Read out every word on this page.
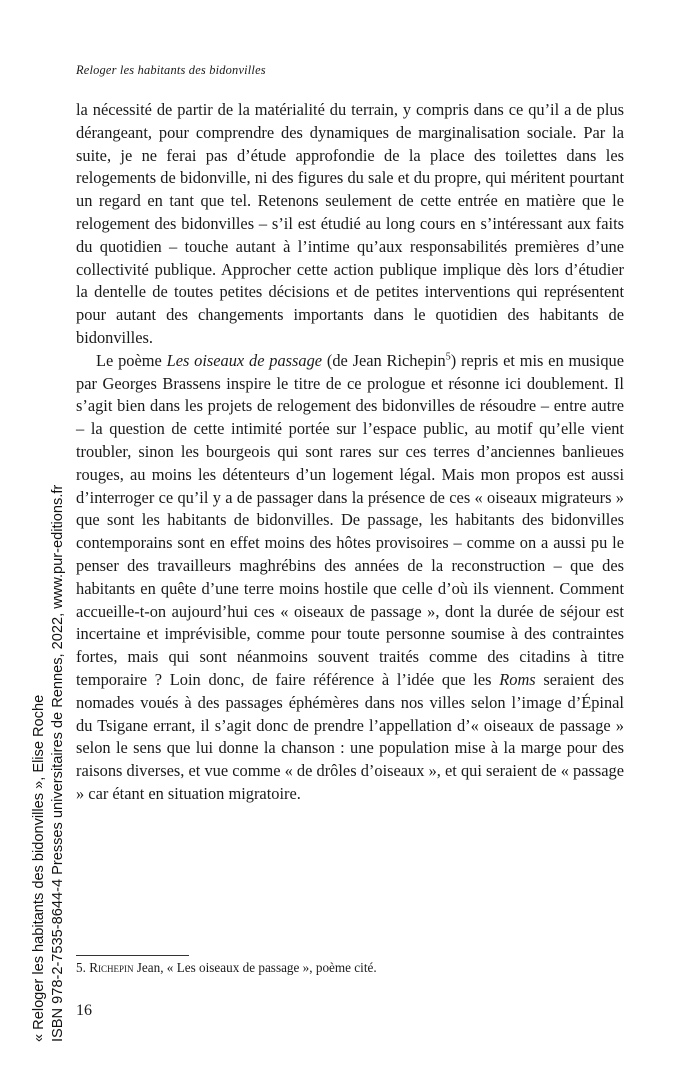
Reloger les habitants des bidonvilles

la nécessité de partir de la matérialité du terrain, y compris dans ce qu’il a de plus dérangeant, pour comprendre des dynamiques de marginalisation sociale. Par la suite, je ne ferai pas d’étude approfondie de la place des toilettes dans les relogements de bidonville, ni des figures du sale et du propre, qui méritent pourtant un regard en tant que tel. Retenons seulement de cette entrée en matière que le relogement des bidonvilles – s’il est étudié au long cours en s’intéressant aux faits du quotidien – touche autant à l’intime qu’aux responsabilités premières d’une collectivité publique. Approcher cette action publique implique dès lors d’étudier la dentelle de toutes petites décisions et de petites interventions qui représentent pour autant des changements importants dans le quotidien des habitants de bidonvilles.

Le poème Les oiseaux de passage (de Jean Richepin$^5$) repris et mis en musique par Georges Brassens inspire le titre de ce prologue et résonne ici doublement. Il s’agit bien dans les projets de relogement des bidonvilles de résoudre – entre autre – la question de cette intimité portée sur l’espace public, au motif qu’elle vient troubler, sinon les bourgeois qui sont rares sur ces terres d’anciennes banlieues rouges, au moins les détenteurs d’un logement légal. Mais mon propos est aussi d’interroger ce qu’il y a de passager dans la présence de ces « oiseaux migrateurs » que sont les habitants de bidonvilles. De passage, les habitants des bidonvilles contemporains sont en effet moins des hôtes provisoires – comme on a aussi pu le penser des travailleurs maghrébins des années de la reconstruction – que des habitants en quête d’une terre moins hostile que celle d’où ils viennent. Comment accueille-t-on aujourd’hui ces « oiseaux de passage », dont la durée de séjour est incertaine et imprévisible, comme pour toute personne soumise à des contraintes fortes, mais qui sont néanmoins souvent traités comme des citadins à titre temporaire ? Loin donc, de faire référence à l’idée que les Roms seraient des nomades voués à des passages éphémères dans nos villes selon l’image d’Épinal du Tsigane errant, il s’agit donc de prendre l’appellation d’« oiseaux de passage » selon le sens que lui donne la chanson : une population mise à la marge pour des raisons diverses, et vue comme « de drôles d’oiseaux », et qui seraient de « passage » car étant en situation migratoire.

5. Richepin Jean, « Les oiseaux de passage », poème cité.
16
« Reloger les habitants des bidonvilles », Elise Roche ISBN 978-2-7535-8644-4 Presses universitaires de Rennes, 2022, www.pur-editions.fr
